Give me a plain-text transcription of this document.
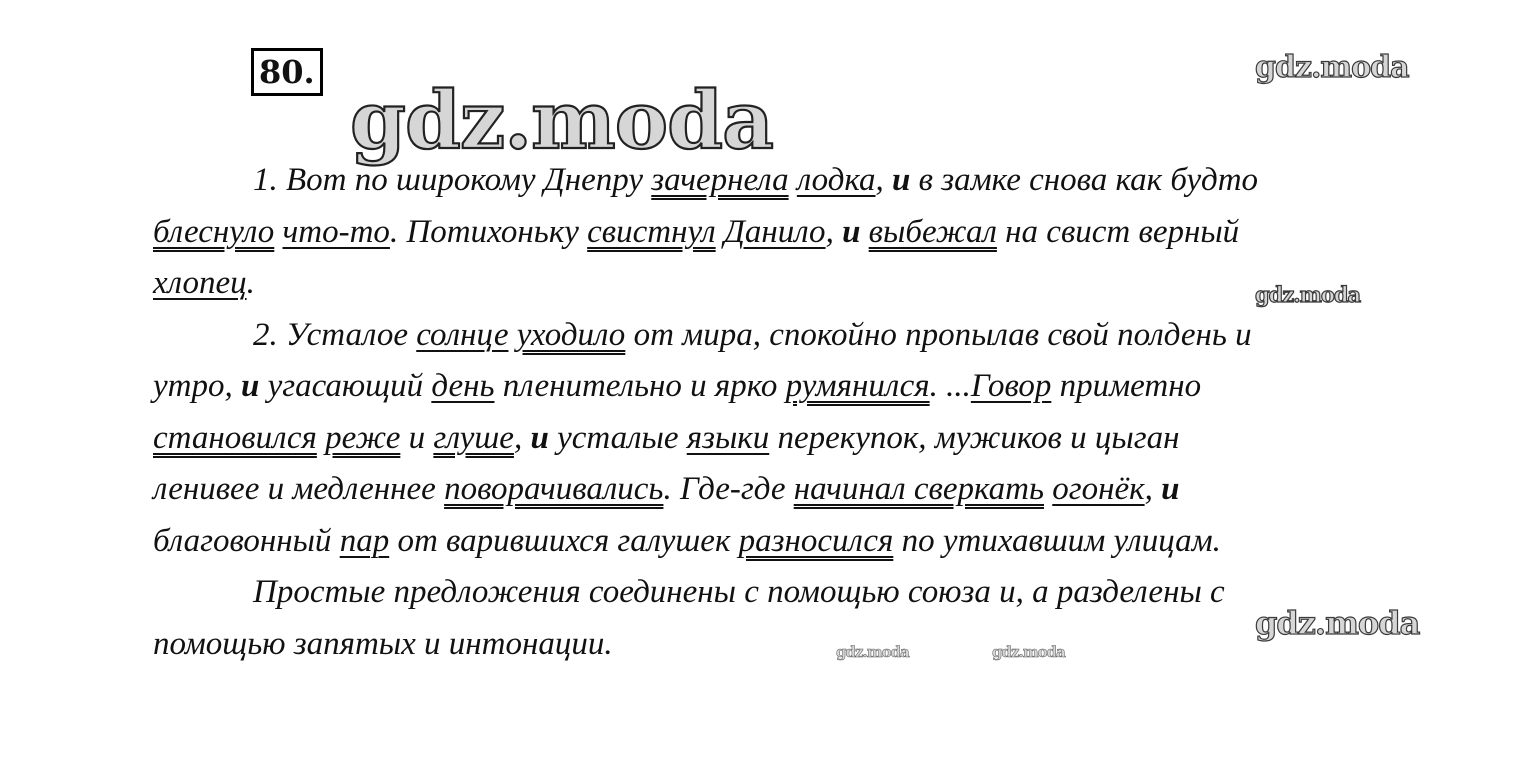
80.
gdz.moda
gdz.moda
gdz.moda
gdz.moda
gdz.moda	gdz.moda
1. Вот по широкому Днепру зачернела лодка, и в замке снова как будто
блеснуло что-то. Потихоньку свистнул Данило, и выбежал на свист верный
хлопец.
2. Усталое солнце уходило от мира, спокойно пропылав свой полдень и
утро, и угасающий день пленительно и ярко румянился. ...Говор приметно
становился реже и глуше, и усталые языки перекупок, мужиков и цыган
ленивее и медленнее поворачивались. Где-где начинал сверкать огонёк, и
благовонный пар от варившихся галушек разносился по утихавшим улицам.
Простые предложения соединены с помощью союза и, а разделены с
помощью запятых и интонации.
